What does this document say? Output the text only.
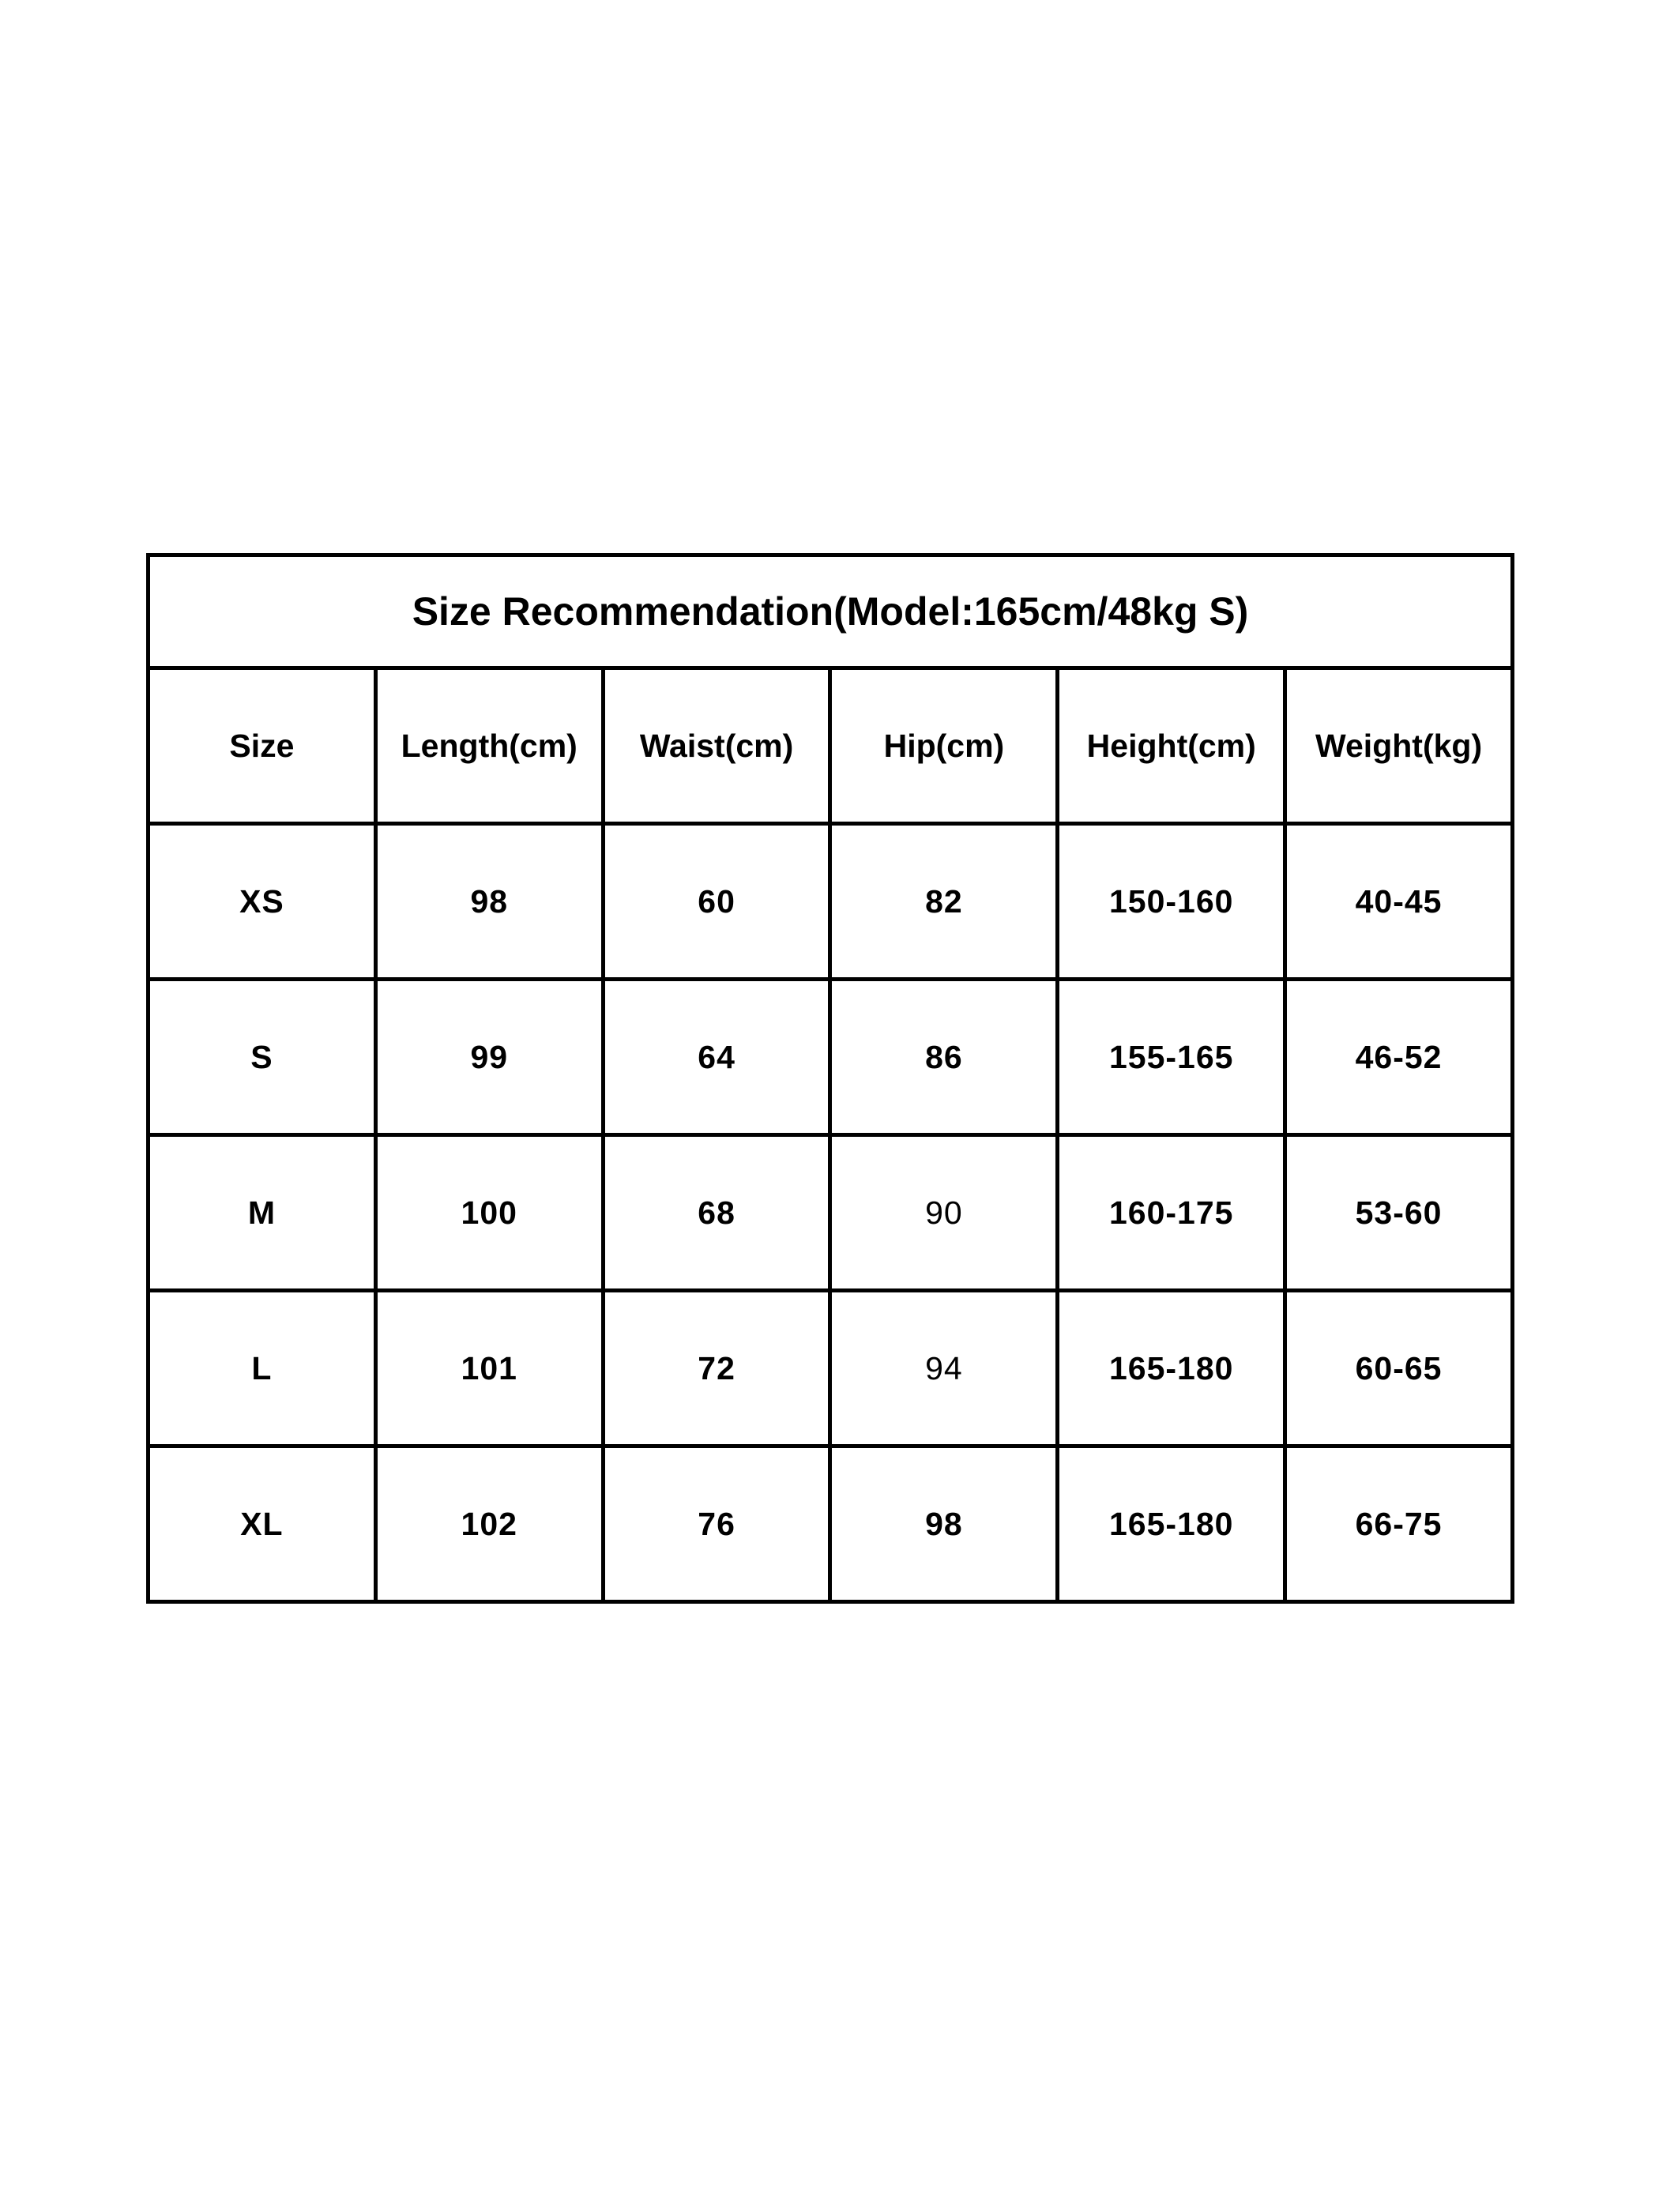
Size Recommendation(Model:165cm/48kg S)					
Size	Length(cm)	Waist(cm)	Hip(cm)	Height(cm)	Weight(kg)
XS	98	60	82	150-160	40-45
S	99	64	86	155-165	46-52
M	100	68	90	160-175	53-60
L	101	72	94	165-180	60-65
XL	102	76	98	165-180	66-75
